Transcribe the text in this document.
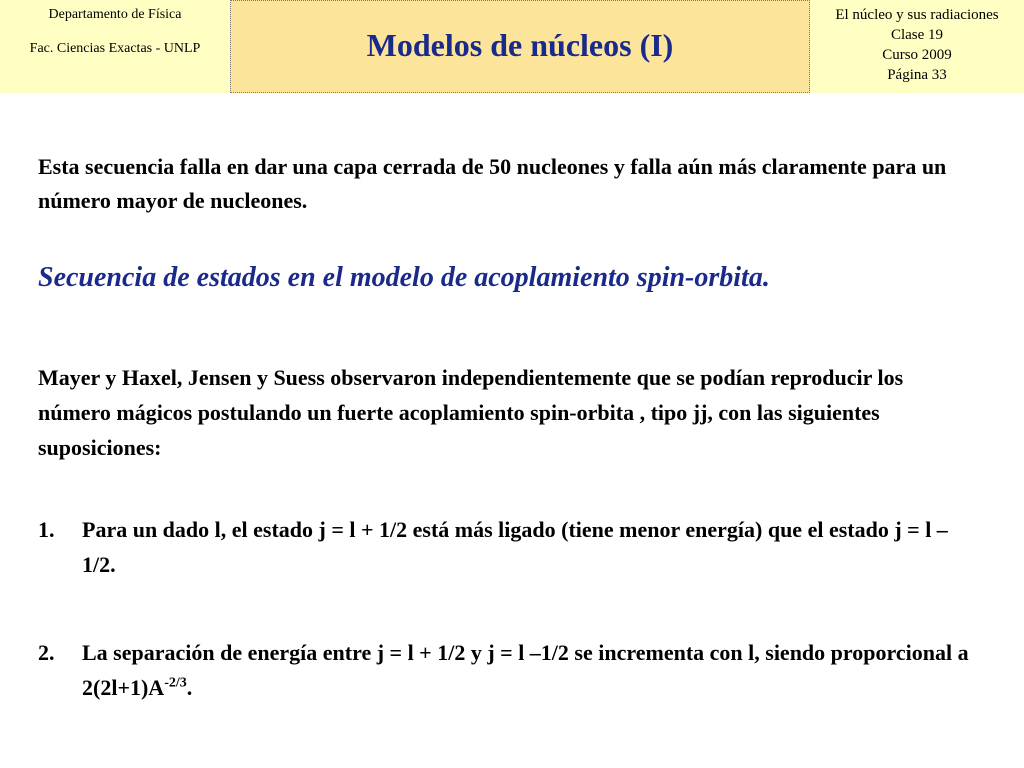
Departamento de Física
Fac. Ciencias Exactas - UNLP	Modelos de núcleos (I)
El núcleo y sus radiaciones
Clase 19
Curso 2009
Página 33
Esta secuencia falla en dar una capa cerrada de 50 nucleones y falla aún más claramente para un número mayor de nucleones.
Secuencia de estados en el modelo de acoplamiento spin-orbita.
Mayer y Haxel, Jensen y Suess observaron independientemente que se podían reproducir los número mágicos postulando un fuerte acoplamiento spin-orbita , tipo jj, con las siguientes suposiciones:
1. Para un dado l, el estado j = l + 1/2 está más ligado (tiene menor energía) que el estado j = l –1/2.
2. La separación de energía entre j = l + 1/2 y j = l –1/2 se incrementa con l, siendo proporcional a $2(2l+1)A^{-2/3}$.
